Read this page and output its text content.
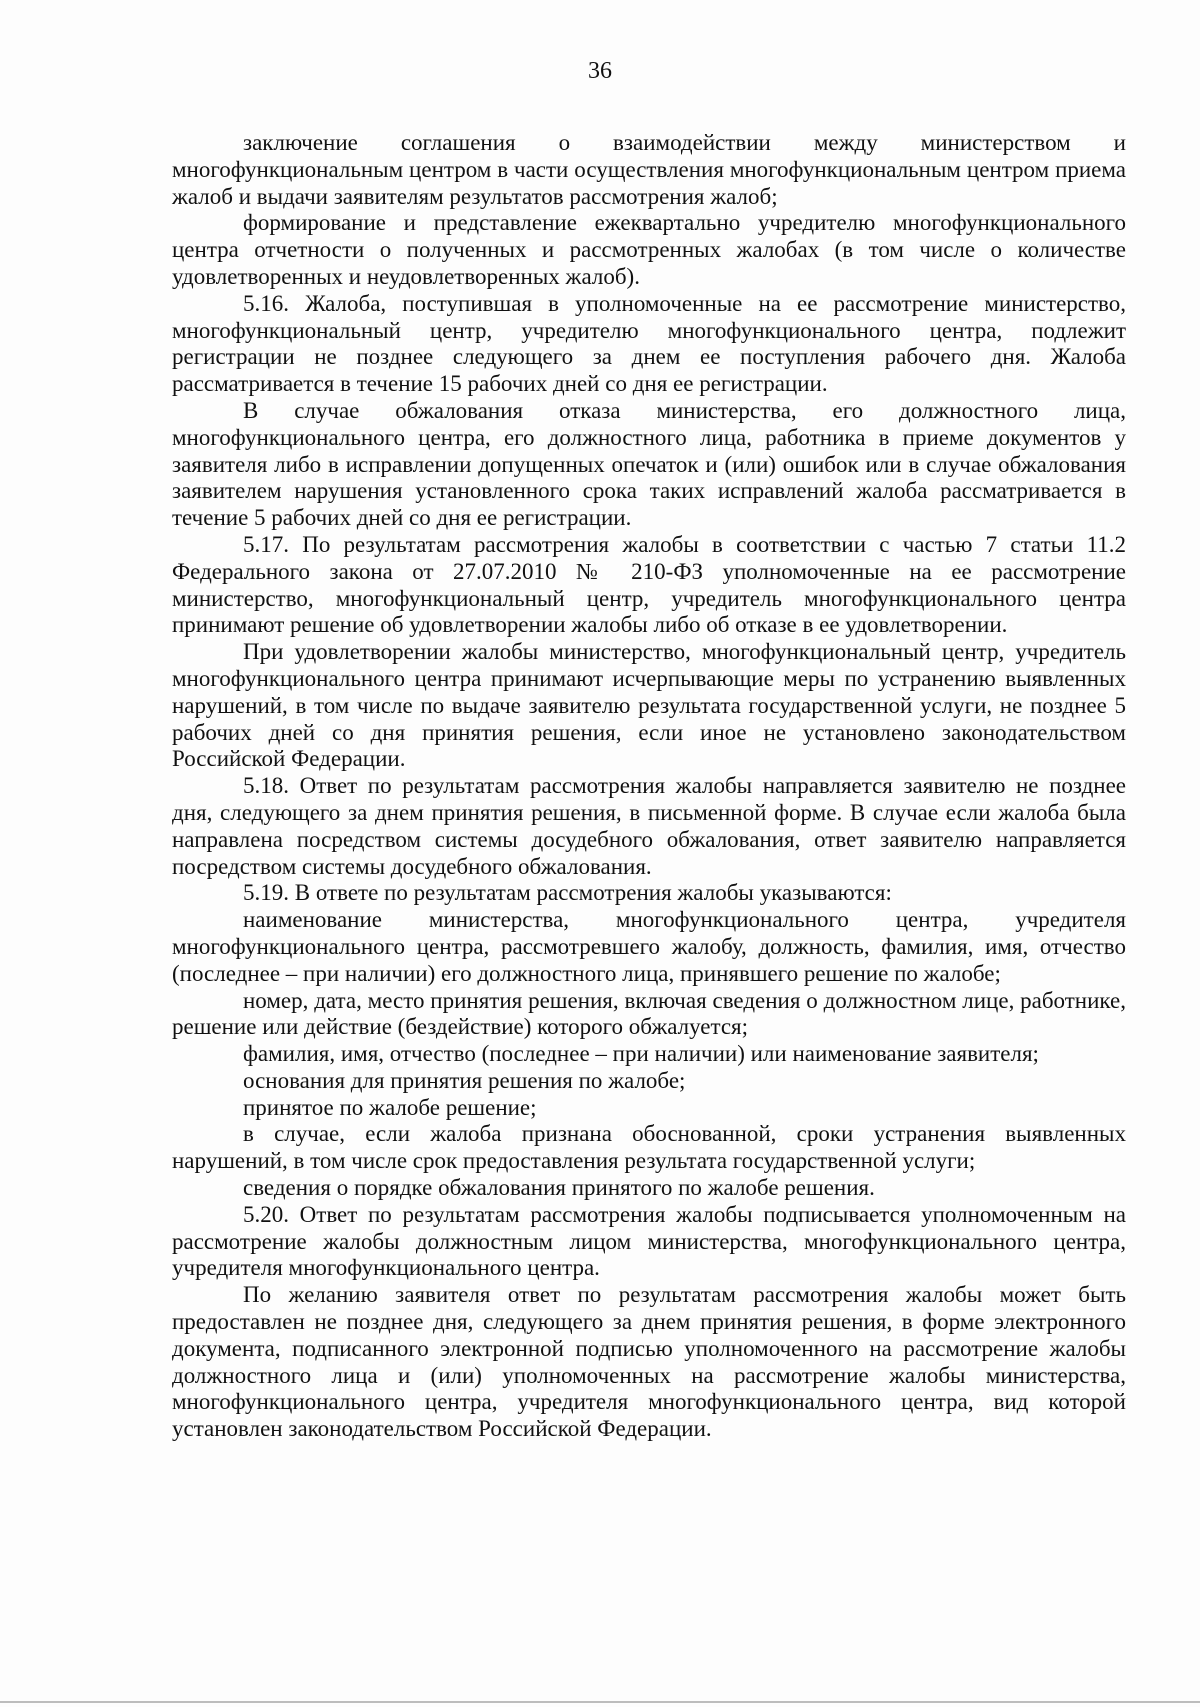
36

заключение соглашения о взаимодействии между министерством и многофункциональным центром в части осуществления многофункциональным центром приема жалоб и выдачи заявителям результатов рассмотрения жалоб;

формирование и представление ежеквартально учредителю многофункционального центра отчетности о полученных и рассмотренных жалобах (в том числе о количестве удовлетворенных и неудовлетворенных жалоб).

5.16. Жалоба, поступившая в уполномоченные на ее рассмотрение министерство, многофункциональный центр, учредителю многофункционального центра, подлежит регистрации не позднее следующего за днем ее поступления рабочего дня. Жалоба рассматривается в течение 15 рабочих дней со дня ее регистрации.

В случае обжалования отказа министерства, его должностного лица, многофункционального центра, его должностного лица, работника в приеме документов у заявителя либо в исправлении допущенных опечаток и (или) ошибок или в случае обжалования заявителем нарушения установленного срока таких исправлений жалоба рассматривается в течение 5 рабочих дней со дня ее регистрации.

5.17. По результатам рассмотрения жалобы в соответствии с частью 7 статьи 11.2 Федерального закона от 27.07.2010 № 210-ФЗ уполномоченные на ее рассмотрение министерство, многофункциональный центр, учредитель многофункционального центра принимают решение об удовлетворении жалобы либо об отказе в ее удовлетворении.

При удовлетворении жалобы министерство, многофункциональный центр, учредитель многофункционального центра принимают исчерпывающие меры по устранению выявленных нарушений, в том числе по выдаче заявителю результата государственной услуги, не позднее 5 рабочих дней со дня принятия решения, если иное не установлено законодательством Российской Федерации.

5.18. Ответ по результатам рассмотрения жалобы направляется заявителю не позднее дня, следующего за днем принятия решения, в письменной форме. В случае если жалоба была направлена посредством системы досудебного обжалования, ответ заявителю направляется посредством системы досудебного обжалования.

5.19. В ответе по результатам рассмотрения жалобы указываются:

наименование министерства, многофункционального центра, учредителя многофункционального центра, рассмотревшего жалобу, должность, фамилия, имя, отчество (последнее – при наличии) его должностного лица, принявшего решение по жалобе;

номер, дата, место принятия решения, включая сведения о должностном лице, работнике, решение или действие (бездействие) которого обжалуется;

фамилия, имя, отчество (последнее – при наличии) или наименование заявителя;

основания для принятия решения по жалобе;

принятое по жалобе решение;

в случае, если жалоба признана обоснованной, сроки устранения выявленных нарушений, в том числе срок предоставления результата государственной услуги;

сведения о порядке обжалования принятого по жалобе решения.

5.20. Ответ по результатам рассмотрения жалобы подписывается уполномоченным на рассмотрение жалобы должностным лицом министерства, многофункционального центра, учредителя многофункционального центра.

По желанию заявителя ответ по результатам рассмотрения жалобы может быть предоставлен не позднее дня, следующего за днем принятия решения, в форме электронного документа, подписанного электронной подписью уполномоченного на рассмотрение жалобы должностного лица и (или) уполномоченных на рассмотрение жалобы министерства, многофункционального центра, учредителя многофункционального центра, вид которой установлен законодательством Российской Федерации.
